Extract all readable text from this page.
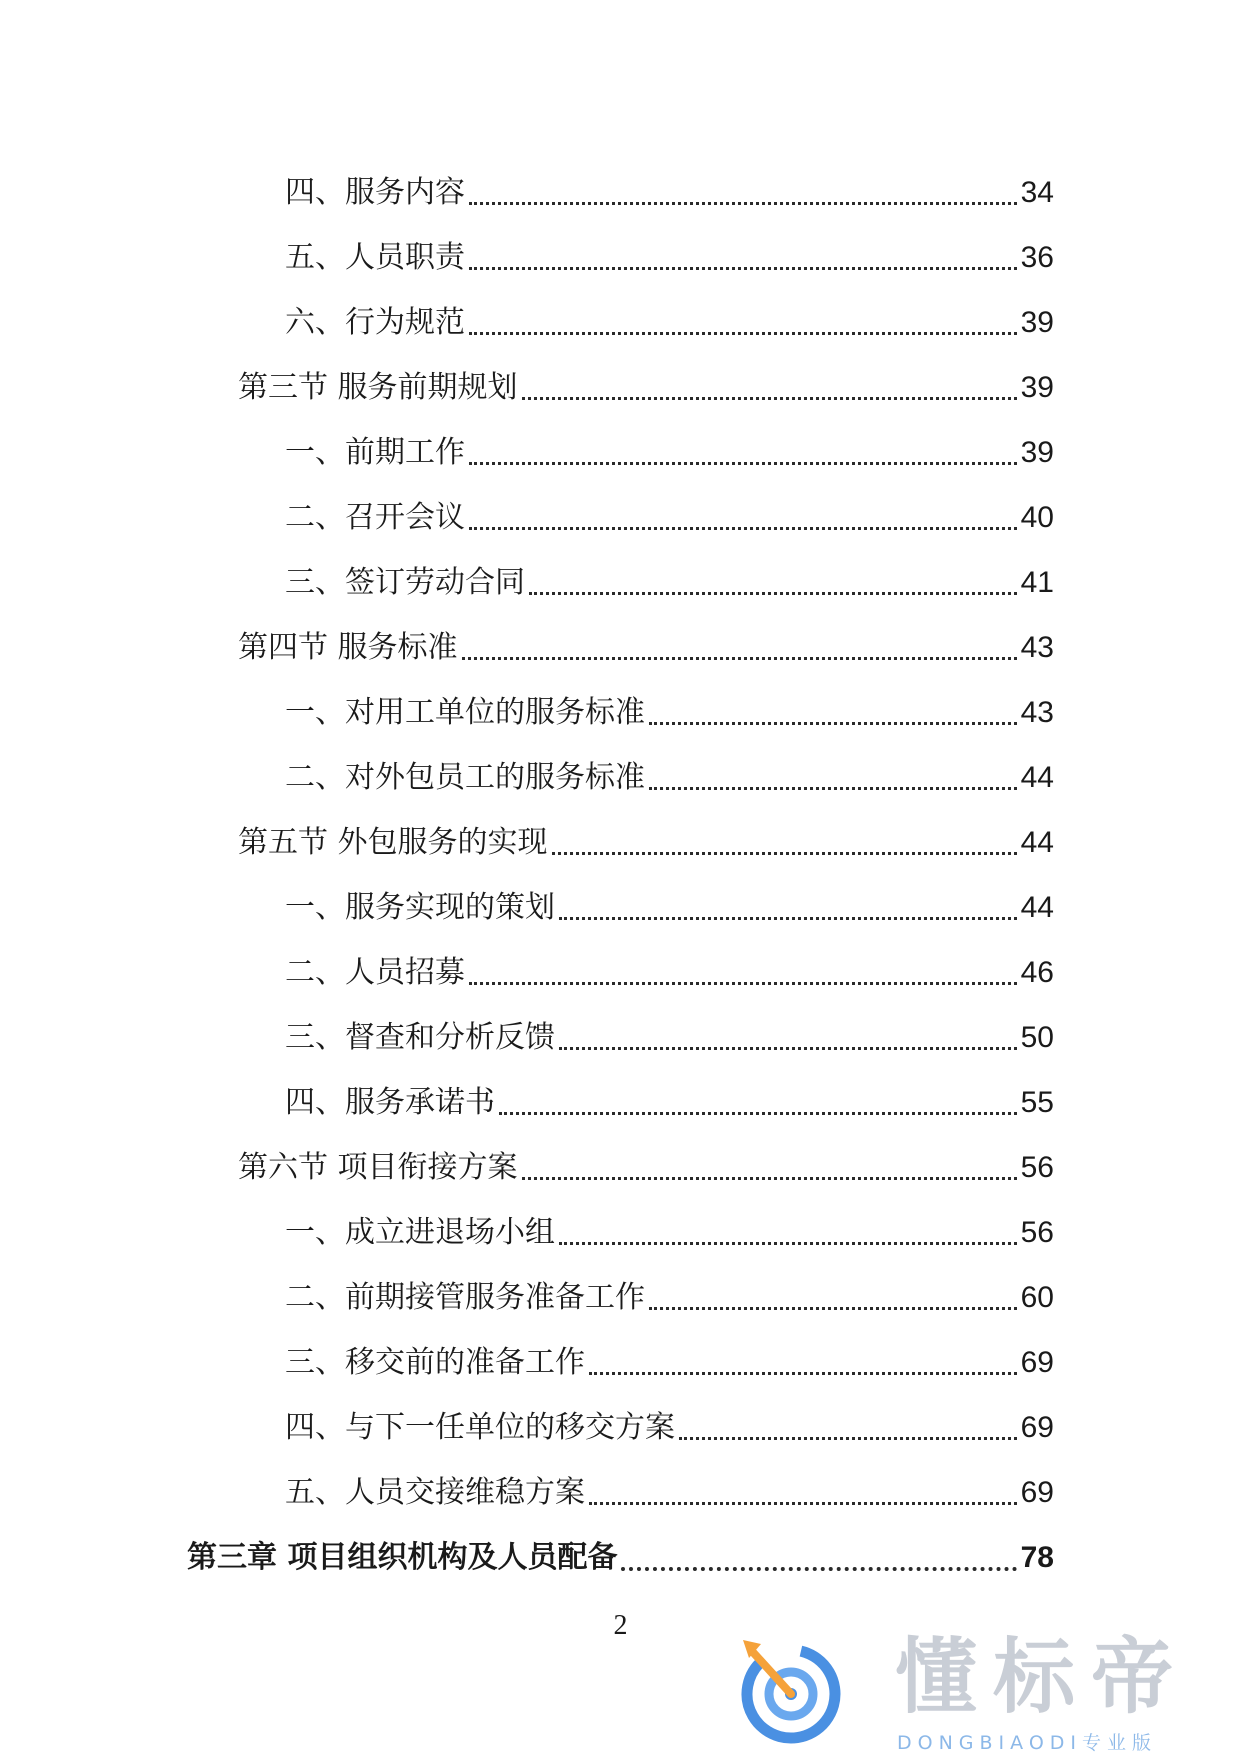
四、服务内容	34
五、人员职责	36
六、行为规范	39
第三节 服务前期规划	39
一、前期工作	39
二、召开会议	40
三、签订劳动合同	41
第四节 服务标准	43
一、对用工单位的服务标准	43
二、对外包员工的服务标准	44
第五节 外包服务的实现	44
一、服务实现的策划	44
二、人员招募	46
三、督查和分析反馈	50
四、服务承诺书	55
第六节 项目衔接方案	56
一、成立进退场小组	56
二、前期接管服务准备工作	60
三、移交前的准备工作	69
四、与下一任单位的移交方案	69
五、人员交接维稳方案	69
第三章 项目组织机构及人员配备	78
2
懂标帝
DONGBIAODI专业版
